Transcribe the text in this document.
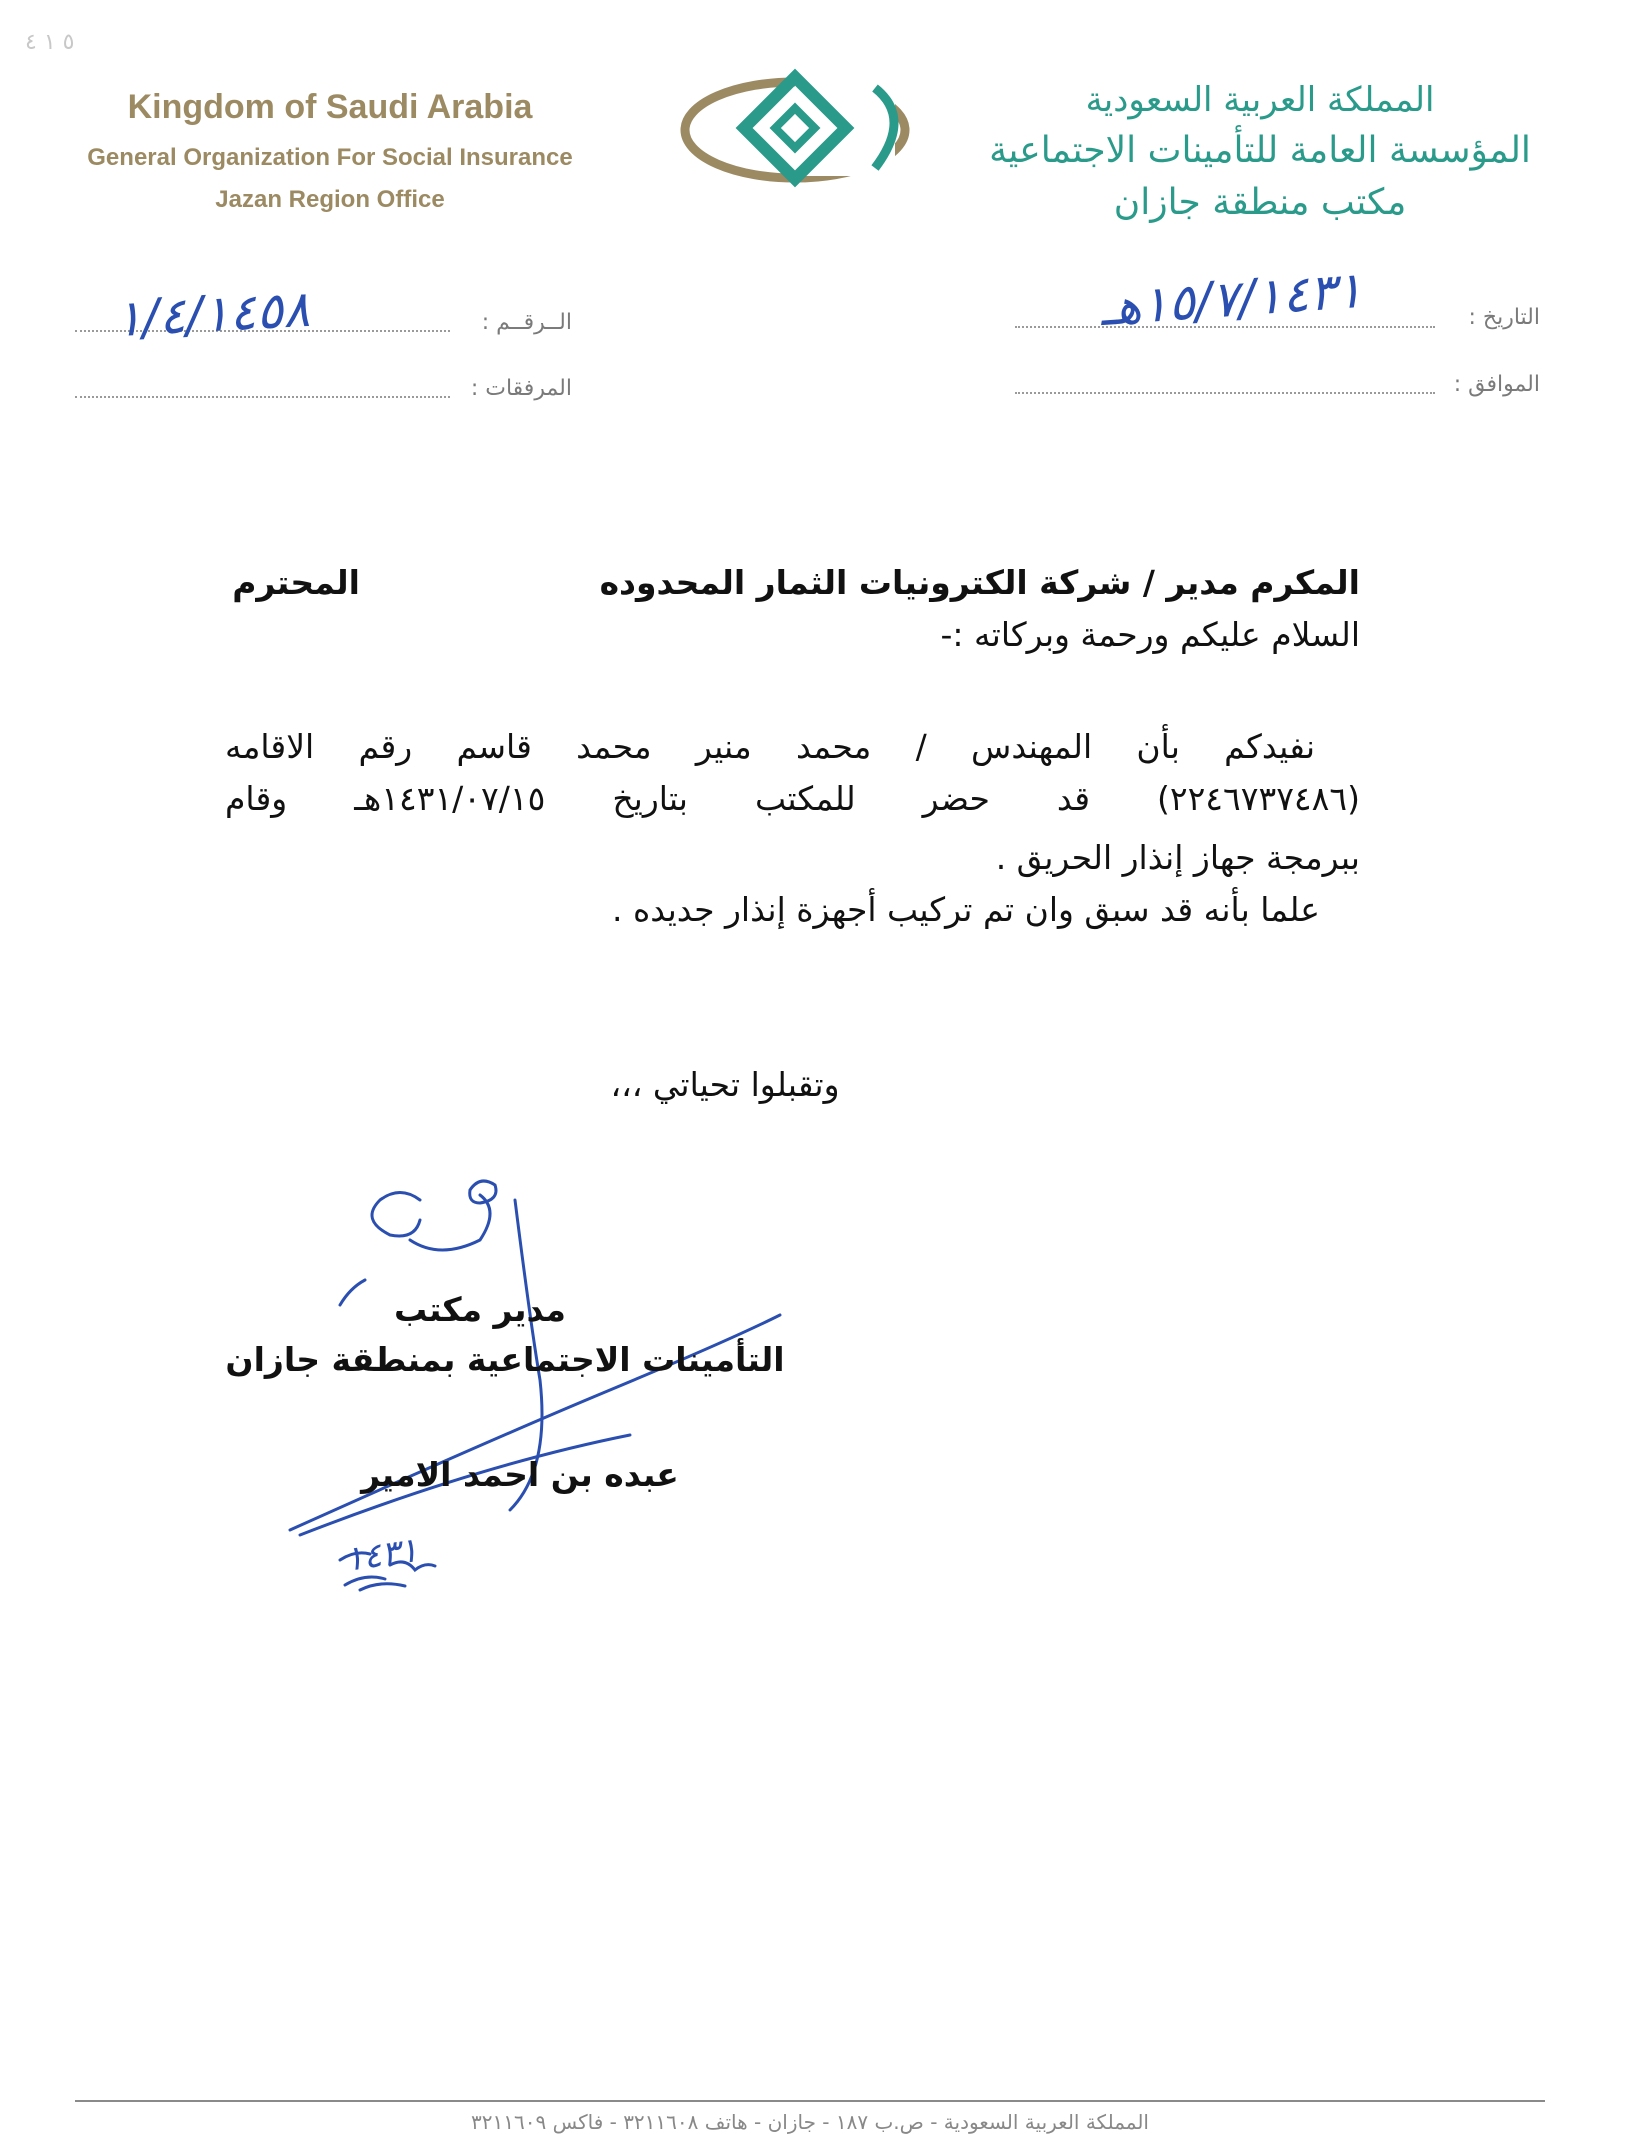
٥ ١ ٤
Kingdom of Saudi Arabia
General Organization For Social Insurance
Jazan Region Office
المملكة العربية السعودية
المؤسسة العامة للتأمينات الاجتماعية
مكتب منطقة جازان
١/٤/١٤٥٨	الــرقــم :
المرفقات :
١٥/٧/١٤٣١هـ	التاريخ :
الموافق :
المكرم مدير / شركة الكترونيات الثمار المحدوده
المحترم
السلام عليكم ورحمة وبركاته :-
نفيدكم بأن المهندس / محمد منير محمد قاسم رقم الاقامه
(٢٢٤٦٧٣٧٤٨٦) قد حضر للمكتب بتاريخ ١٤٣١/٠٧/١٥هـ وقام
ببرمجة جهاز إنذار الحريق .
علما بأنه قد سبق وان تم تركيب أجهزة إنذار جديده .
وتقبلوا تحياتي ،،،
مدير مكتب
التأمينات الاجتماعية بمنطقة جازان
عبده بن احمد الامير
١٤٣١
المملكة العربية السعودية - ص.ب ١٨٧ - جازان - هاتف ٣٢١١٦٠٨ - فاكس ٣٢١١٦٠٩
